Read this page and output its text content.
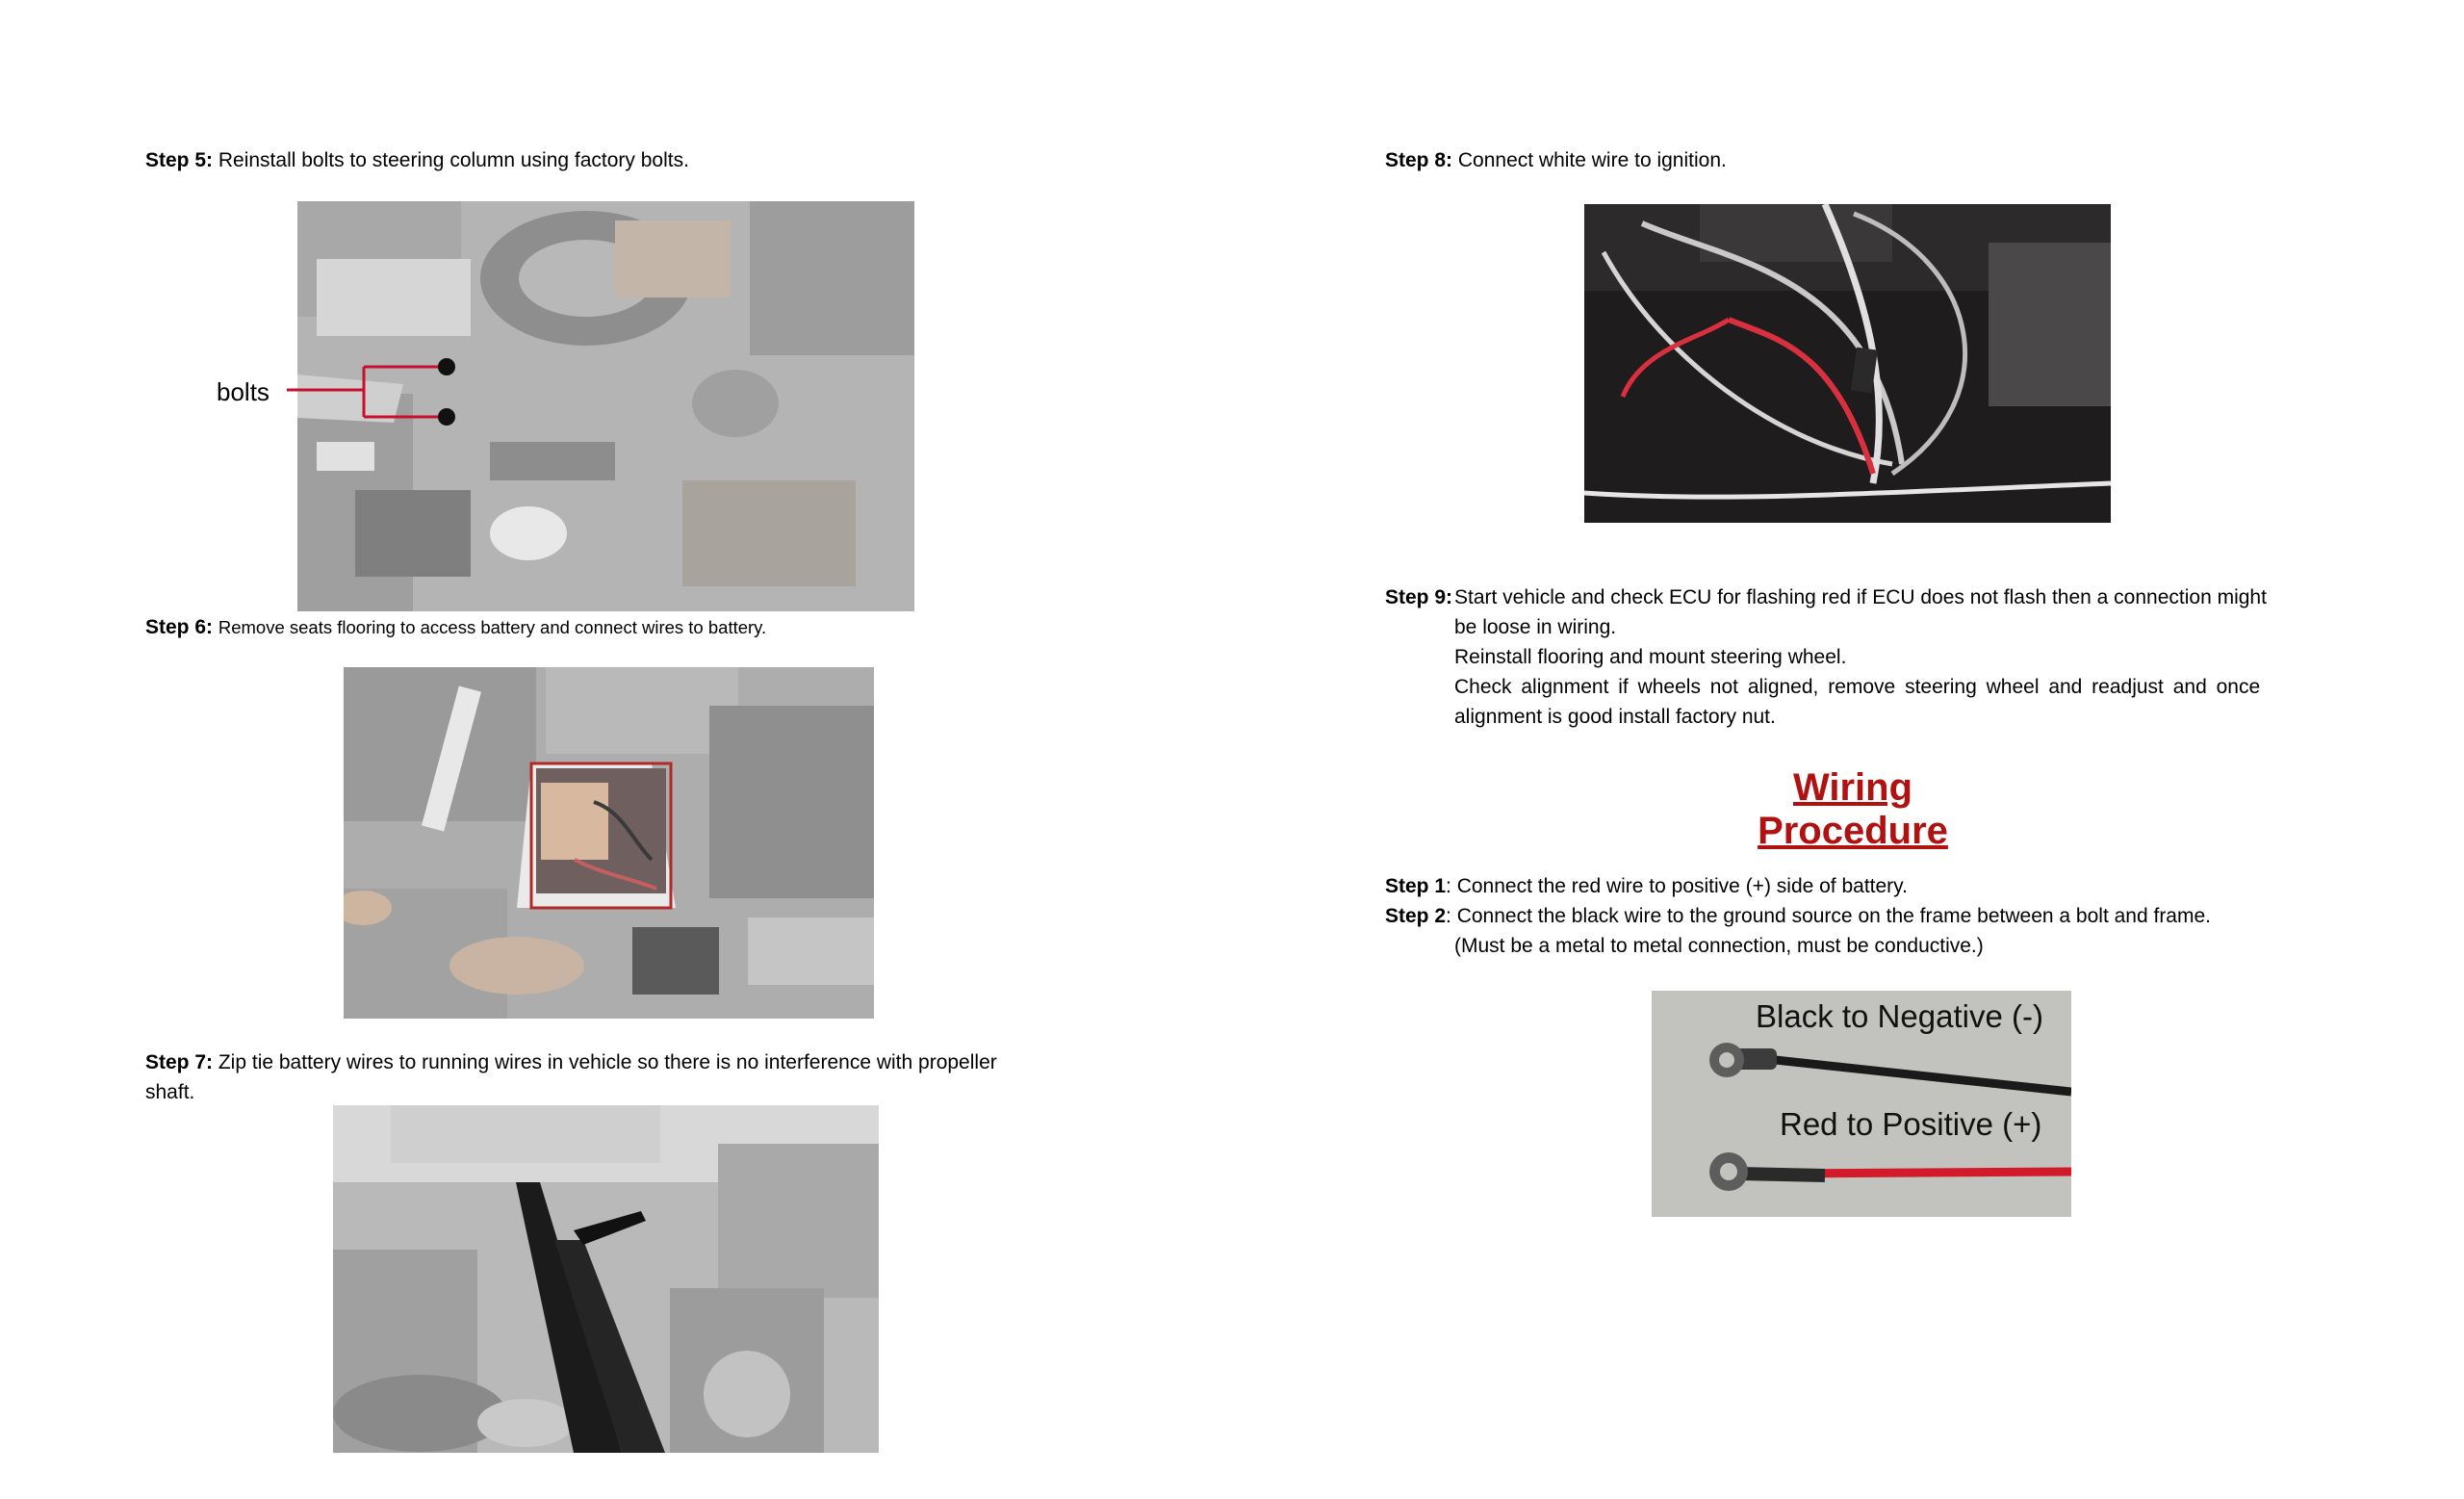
Step 5: Reinstall bolts to steering column using factory bolts.
bolts
Step 6: Remove seats flooring to access battery and connect wires to battery.
Step 7: Zip tie battery wires to running wires in vehicle so there is no interference with propeller
shaft.
Step 8: Connect white wire to ignition.
Step 9: Start vehicle and check ECU for flashing red if ECU does not flash then a connection might
be loose in wiring.
Reinstall flooring and mount steering wheel.
Check alignment if wheels not aligned, remove steering wheel and readjust and once
alignment is good install factory nut.
Wiring Procedure
Step 1: Connect the red wire to positive (+) side of battery.
Step 2: Connect the black wire to the ground source on the frame between a bolt and frame.
(Must be a metal to metal connection, must be conductive.)
Black to Negative (-)
Red to Positive (+)
